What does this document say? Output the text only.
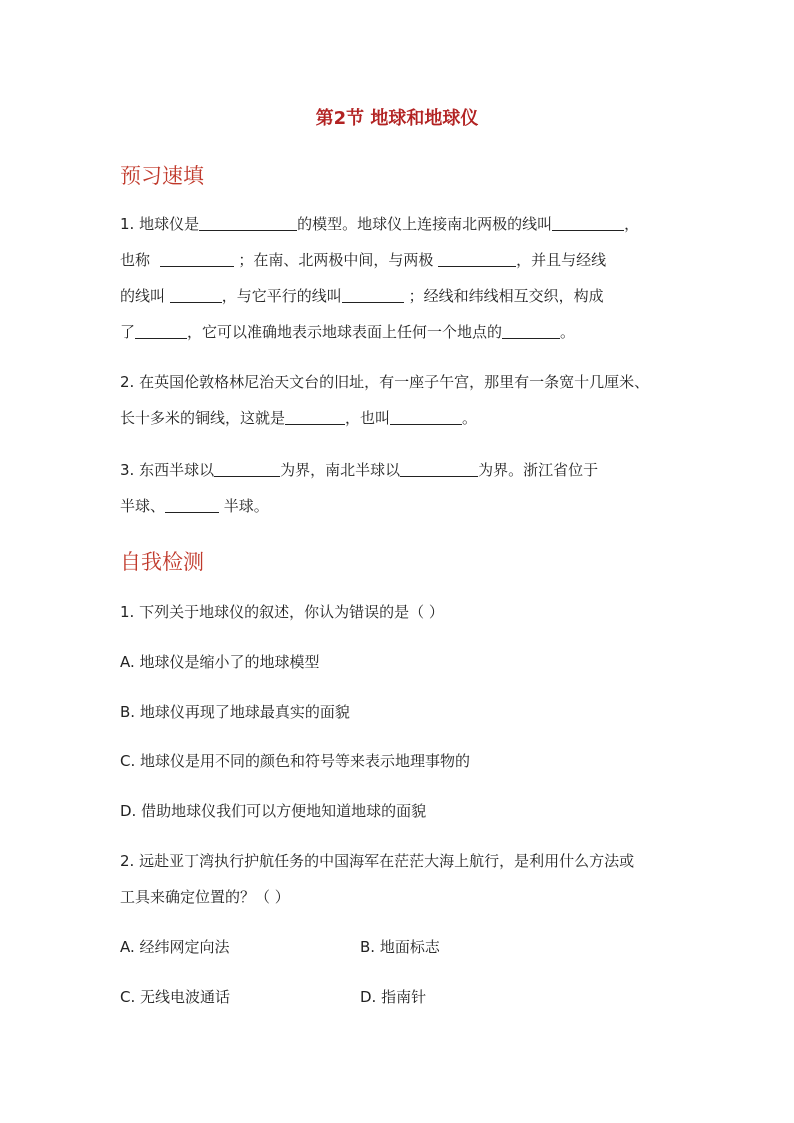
第2节 地球和地球仪
预习速填
1. 地球仪是	的模型。地球仪上连接南北两极的线叫	，
也称	；在南、北两极中间，与两极	，并且与经线
的线叫	，与它平行的线叫	；经线和纬线相互交织，构成
了	，它可以准确地表示地球表面上任何一个地点的	。
2. 在英国伦敦格林尼治天文台的旧址，有一座子午宫，那里有一条宽十几厘米、
长十多米的铜线，这就是	，也叫	。
3. 东西半球以	为界，南北半球以	为界。浙江省位于
半球、	半球。
自我检测
1. 下列关于地球仪的叙述，你认为错误的是（ ）
A. 地球仪是缩小了的地球模型
B. 地球仪再现了地球最真实的面貌
C. 地球仪是用不同的颜色和符号等来表示地理事物的
D. 借助地球仪我们可以方便地知道地球的面貌
2. 远赴亚丁湾执行护航任务的中国海军在茫茫大海上航行，是利用什么方法或
工具来确定位置的？（ ）
A. 经纬网定向法	B. 地面标志
C. 无线电波通话	D. 指南针
